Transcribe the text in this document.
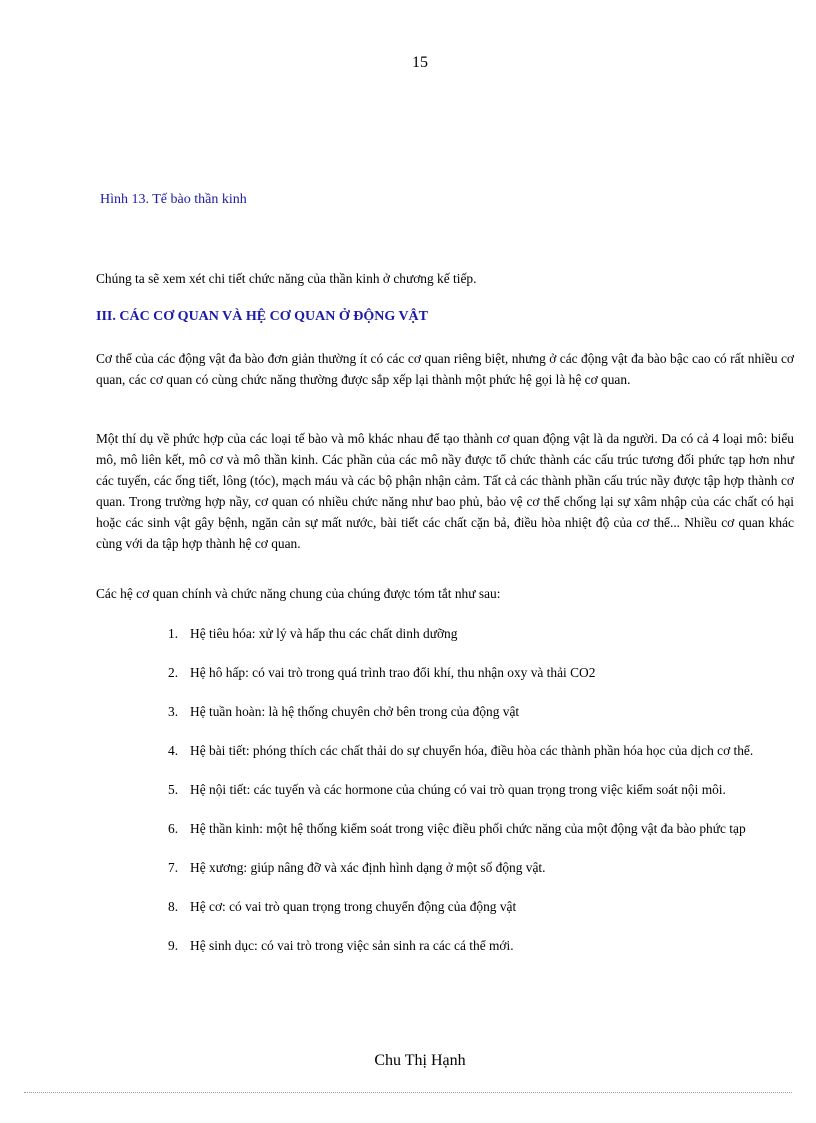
15
Hình 13. Tế bào thần kinh
Chúng ta sẽ xem xét chi tiết chức năng của thần kinh ở chương kế tiếp.
III. CÁC CƠ QUAN VÀ HỆ CƠ QUAN Ở ĐỘNG VẬT
Cơ thể của các động vật đa bào đơn giản thường ít có các cơ quan riêng biệt, nhưng ở các động vật đa bào bậc cao có rất nhiều cơ quan, các cơ quan có cùng chức năng thường được sắp xếp lại thành một phức hệ gọi là hệ cơ quan.
Một thí dụ về phức hợp của các loại tế bào và mô khác nhau để tạo thành cơ quan động vật là da người. Da có cả 4 loại mô: biểu mô, mô liên kết, mô cơ và mô thần kinh. Các phần của các mô nầy được tổ chức thành các cấu trúc tương đối phức tạp hơn như các tuyến, các ống tiết, lông (tóc), mạch máu và các bộ phận nhận cảm. Tất cả các thành phần cấu trúc nầy được tập hợp thành cơ quan. Trong trường hợp nầy, cơ quan có nhiều chức năng như bao phủ, bảo vệ cơ thể chống lại sự xâm nhập của các chất có hại hoặc các sinh vật gây bệnh, ngăn cản sự mất nước, bài tiết các chất cặn bả, điều hòa nhiệt độ của cơ thể... Nhiều cơ quan khác cùng với da tập hợp thành hệ cơ quan.
Các hệ cơ quan chính và chức năng chung của chúng được tóm tắt như sau:
1. Hệ tiêu hóa: xử lý và hấp thu các chất dinh dưỡng
2. Hệ hô hấp: có vai trò trong quá trình trao đổi khí, thu nhận oxy và thải CO2
3. Hệ tuần hoàn: là hệ thống chuyên chở bên trong của động vật
4. Hệ bài tiết: phóng thích các chất thải do sự chuyển hóa, điều hòa các thành phần hóa học của dịch cơ thể.
5. Hệ nội tiết: các tuyến và các hormone của chúng có vai trò quan trọng trong việc kiểm soát nội môi.
6. Hệ thần kinh: một hệ thống kiểm soát trong việc điều phối chức năng của một động vật đa bào phức tạp
7. Hệ xương: giúp nâng đỡ và xác định hình dạng ở một số động vật.
8. Hệ cơ: có vai trò quan trọng trong chuyển động của động vật
9. Hệ sinh dục: có vai trò trong việc sản sinh ra các cá thể mới.
Chu Thị Hạnh
